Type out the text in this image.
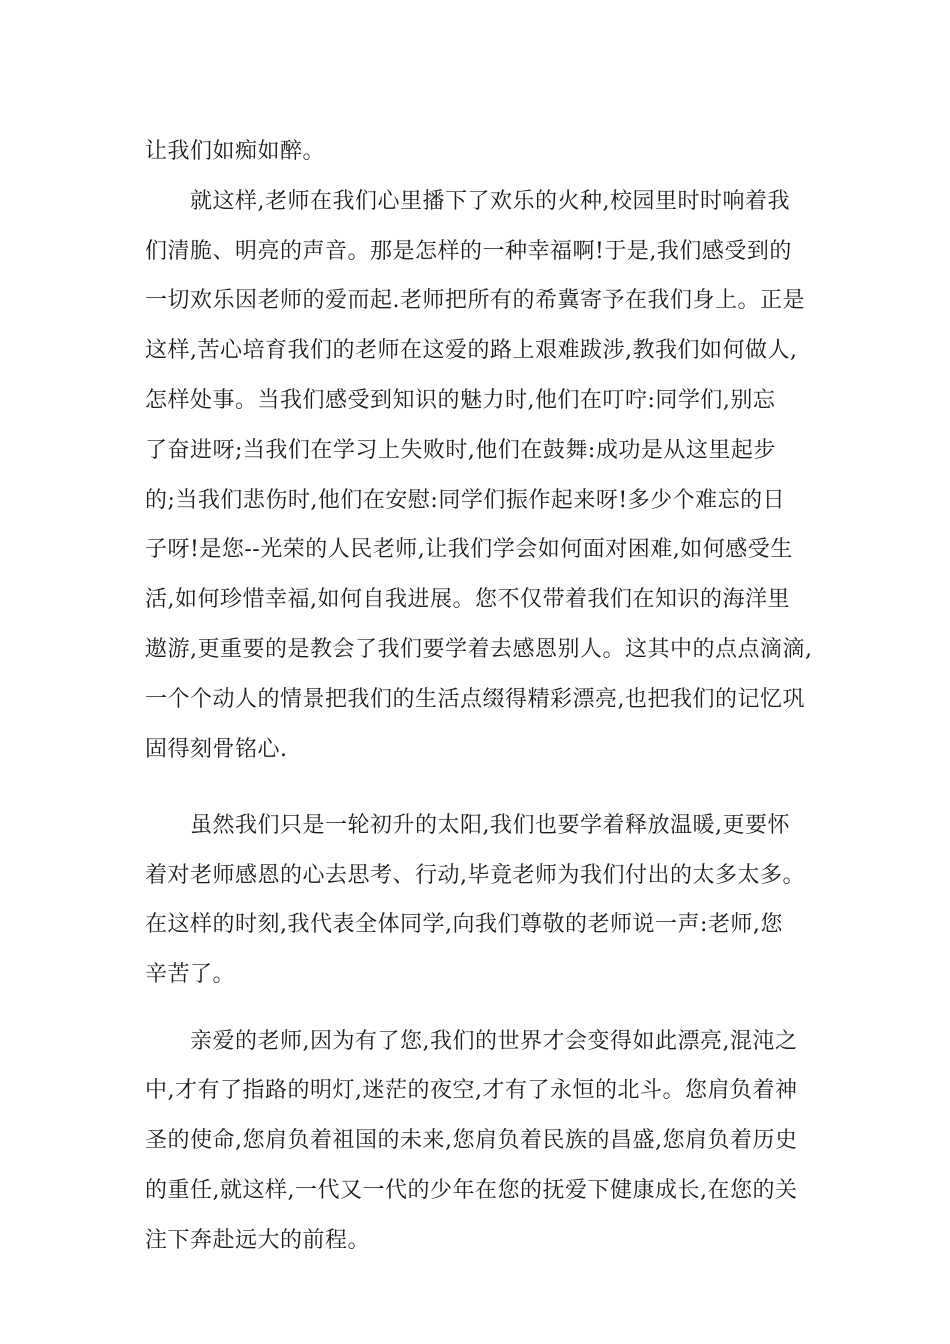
让我们如痴如醉。
就这样,老师在我们心里播下了欢乐的火种,校园里时时响着我
们清脆、明亮的声音。那是怎样的一种幸福啊!于是,我们感受到的
一切欢乐因老师的爱而起.老师把所有的希冀寄予在我们身上。正是
这样,苦心培育我们的老师在这爱的路上艰难跋涉,教我们如何做人,
怎样处事。当我们感受到知识的魅力时,他们在叮咛:同学们,别忘
了奋进呀;当我们在学习上失败时,他们在鼓舞:成功是从这里起步
的;当我们悲伤时,他们在安慰:同学们振作起来呀!多少个难忘的日
子呀!是您--光荣的人民老师,让我们学会如何面对困难,如何感受生
活,如何珍惜幸福,如何自我进展。您不仅带着我们在知识的海洋里
遨游,更重要的是教会了我们要学着去感恩别人。这其中的点点滴滴,
一个个动人的情景把我们的生活点缀得精彩漂亮,也把我们的记忆巩
固得刻骨铭心.
虽然我们只是一轮初升的太阳,我们也要学着释放温暖,更要怀
着对老师感恩的心去思考、行动,毕竟老师为我们付出的太多太多。
在这样的时刻,我代表全体同学,向我们尊敬的老师说一声:老师,您
辛苦了。
亲爱的老师,因为有了您,我们的世界才会变得如此漂亮,混沌之
中,才有了指路的明灯,迷茫的夜空,才有了永恒的北斗。您肩负着神
圣的使命,您肩负着祖国的未来,您肩负着民族的昌盛,您肩负着历史
的重任,就这样,一代又一代的少年在您的抚爱下健康成长,在您的关
注下奔赴远大的前程。
